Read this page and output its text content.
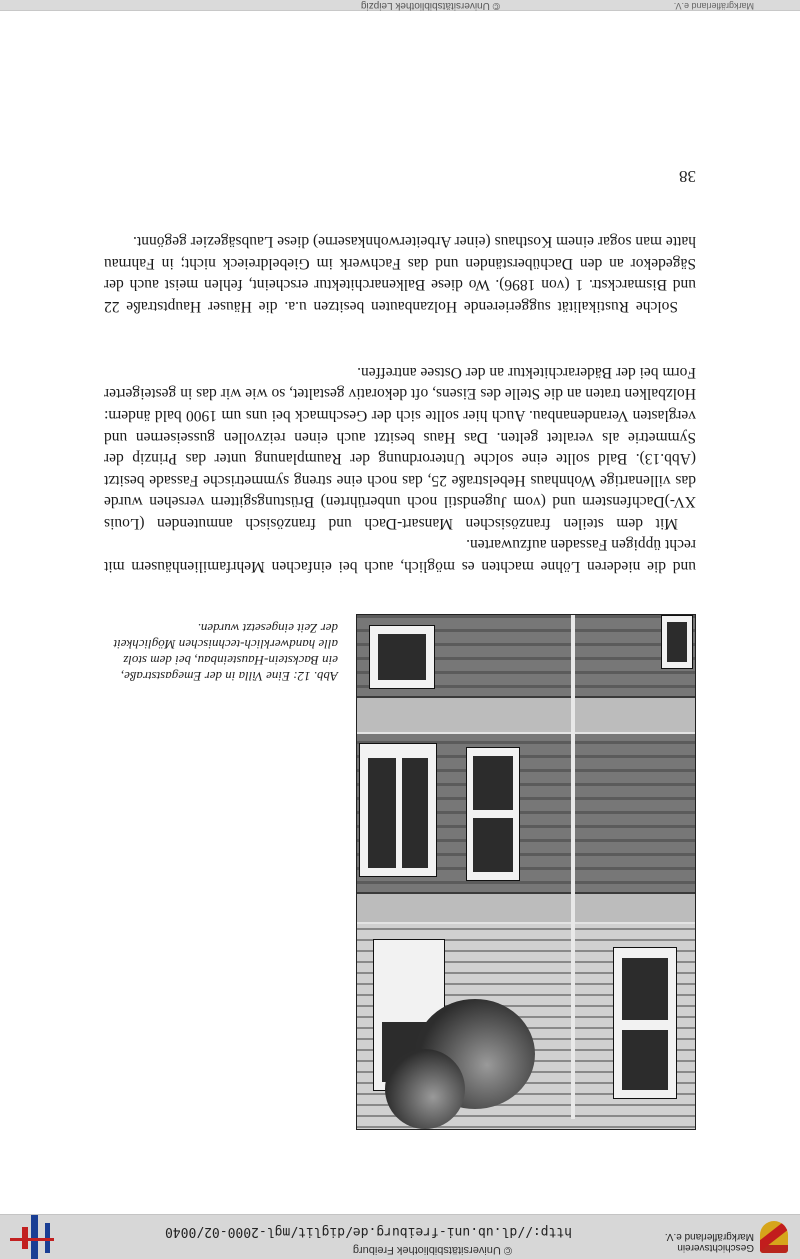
Geschichtsverein
Markgräflerland e.V.
© Universitätsbibliothek Freiburg
http://dl.ub.uni-freiburg.de/diglit/mgl-2000-02/0040
© Universitätsbibliothek Leipzig	Markgräflerland e.V.
Abb. 12: Eine Villa in der Emegaststraße, ein Backstein-Hausteinbau, bei dem stolz alle handwerklich-technischen Möglichkeit der Zeit eingesetzt wurden.
und die niederen Löhne machten es möglich, auch bei einfachen Mehrfamilienhäusern mit recht üppigen Fassaden aufzuwarten.
Mit dem steilen französischen Mansart-Dach und französisch anmutenden (Louis XV-)Dachfenstern und (vom Jugendstil noch unberührten) Brüstungsgittern versehen wurde das villenartige Wohnhaus Hebelstraße 25, das noch eine streng symmetrische Fassade besitzt (Abb.13). Bald sollte eine solche Unterordnung der Raumplanung unter das Prinzip der Symmetrie als veraltet gelten. Das Haus besitzt auch einen reizvollen gusseisernen und verglasten Verandenanbau. Auch hier sollte sich der Geschmack bei uns um 1900 bald ändern: Holzbalken traten an die Stelle des Eisens, oft dekorativ gestaltet, so wie wir das in gesteigerter Form bei der Bäderarchitektur an der Ostsee antreffen.
Solche Rustikalität suggerierende Holzanbauten besitzen u.a. die Häuser Hauptstraße 22 und Bismarckstr. 1 (von 1896). Wo diese Balkenarchitektur erscheint, fehlen meist auch der Sägedekor an den Dachüberständen und das Fachwerk im Giebeldreieck nicht; in Fahrnau hatte man sogar einem Kosthaus (einer Arbeiterwohnkaserne) diese Laubsägezier gegönnt.
38
